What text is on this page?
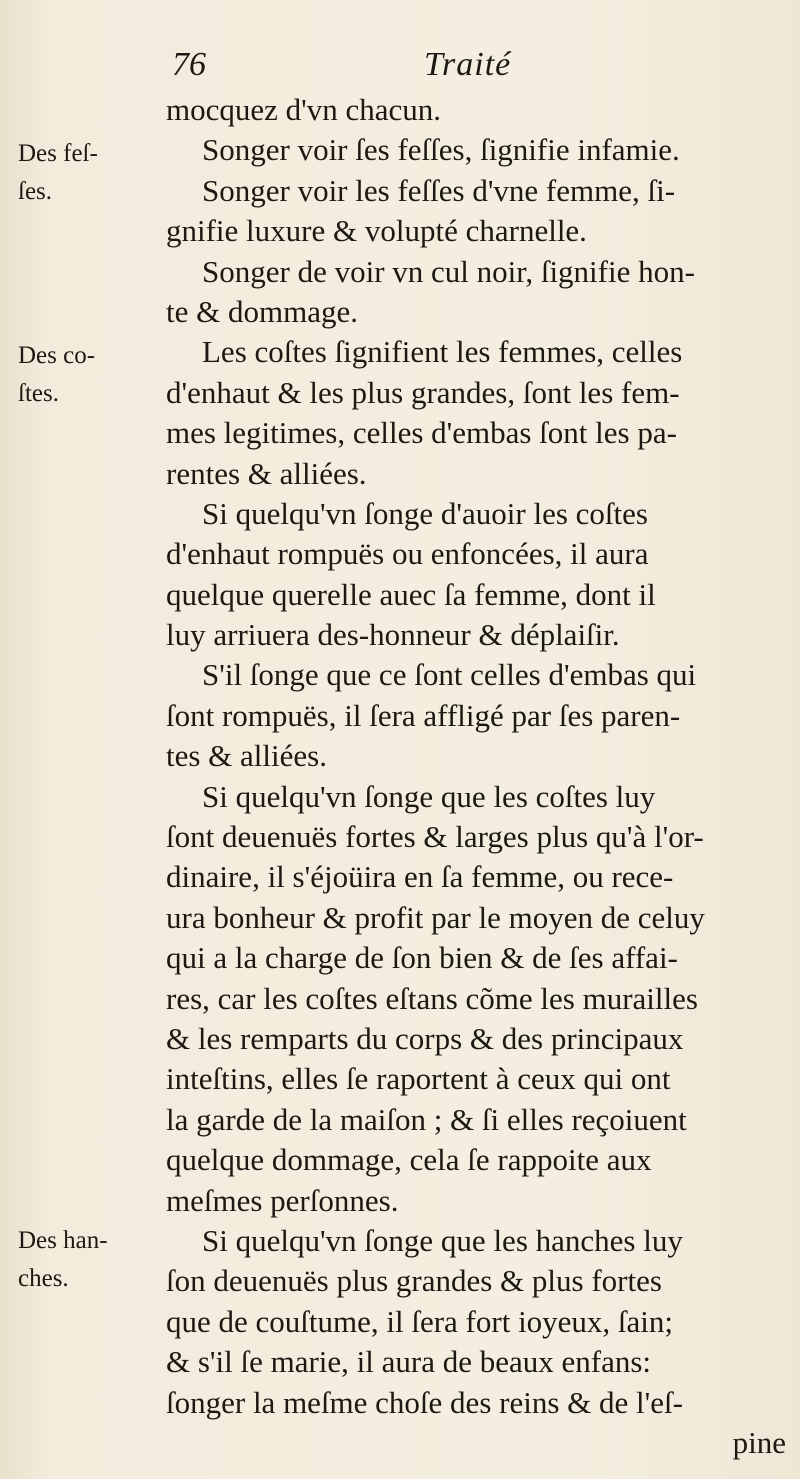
76	Traité
Des feſ-
ſes.
Des co-
ſtes.
Des han-
ches.
mocquez d'vn chacun.
Songer voir ſes feſſes, ſignifie infamie.
Songer voir les feſſes d'vne femme, ſi-
gnifie luxure & volupté charnelle.
Songer de voir vn cul noir, ſignifie hon-
te & dommage.
Les coſtes ſignifient les femmes, celles
d'enhaut & les plus grandes, ſont les fem-
mes legitimes, celles d'embas ſont les pa-
rentes & alliées.
Si quelqu'vn ſonge d'auoir les coſtes
d'enhaut rompuës ou enfoncées, il aura
quelque querelle auec ſa femme, dont il
luy arriuera des-honneur & déplaiſir.
S'il ſonge que ce ſont celles d'embas qui
ſont rompuës, il ſera affligé par ſes paren-
tes & alliées.
Si quelqu'vn ſonge que les coſtes luy
ſont deuenuës fortes & larges plus qu'à l'or-
dinaire, il s'éjoüira en ſa femme, ou rece-
ura bonheur & profit par le moyen de celuy
qui a la charge de ſon bien & de ſes affai-
res, car les coſtes eſtans cõme les murailles
& les remparts du corps & des principaux
inteſtins, elles ſe raportent à ceux qui ont
la garde de la maiſon ; & ſi elles reçoiuent
quelque dommage, cela ſe rappoite aux
meſmes perſonnes.
Si quelqu'vn ſonge que les hanches luy
ſon deuenuës plus grandes & plus fortes
que de couſtume, il ſera fort ioyeux, ſain;
& s'il ſe marie, il aura de beaux enfans:
ſonger la meſme choſe des reins & de l'eſ-
pine
